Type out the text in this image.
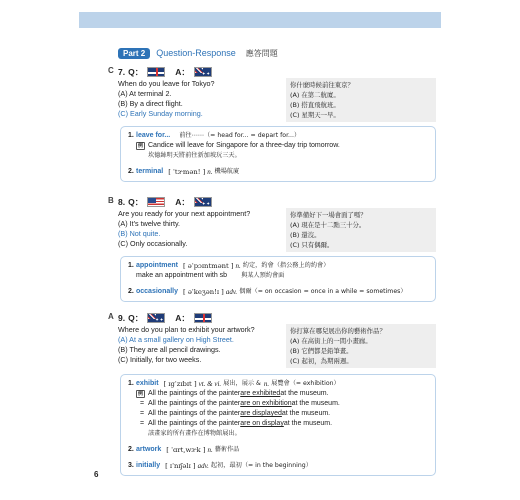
Part 2	Question-Response 應答問題
C 7. Q：	A：
✦ ✦
When do you leave for Tokyo?
(A) At terminal 2.
(B) By a direct flight.
(C) Early Sunday morning.
你什麼時候前往東京？
(A) 在第二航廈。
(B) 搭直飛航班。
(C) 星期天一早。
1. leave for... 前往⋯⋯（= head for... = depart for...）
例 Candice will leave for Singapore for a three-day trip tomorrow.
坎德絲明天將前往新加坡玩三天。
2. terminal [ ˈtɝmən! ] n. 機場航廈
B 8. Q：	A：
✦ ✦
Are you ready for your next appointment?
(A) It’s twelve thirty.
(B) Not quite.
(C) Only occasionally.
你準備好下一場會面了嗎？
(A) 現在是十二點三十分。
(B) 還沒。
(C) 只有偶爾。
1. appointment [ əˈpɔɪntmənt ] n. 約定，約會（指公務上的約會）
make an appointment with sb 與某人預約會面
2. occasionally [ əˈkeʒən!ɪ ] adv. 偶爾（= on occasion = once in a while = sometimes）
A 9. Q：
✦ ✦	A：
Where do you plan to exhibit your artwork?
(A) At a small gallery on High Street.
(B) They are all pencil drawings.
(C) Initially, for two weeks.
你打算在哪兒展出你的藝術作品？
(A) 在高街上的一間小畫廊。
(B) 它們都是鉛筆畫。
(C) 起初，為期兩週。
1. exhibit [ ɪgˈzɪbɪt ] vt. & vi. 展出，展示 & n. 展覽會（= exhibition）
例 All the paintings of the painter are exhibited at the museum.
= All the paintings of the painter are on exhibition at the museum.
= All the paintings of the painter are displayed at the museum.
= All the paintings of the painter are on display at the museum.
該畫家的所有畫作在博物館展出。
2. artwork [ ˈɑrt,wɝk ] n. 藝術作品
3. initially [ ɪˈnɪʃəlɪ ] adv. 起初，最初（= in the beginning）
6
